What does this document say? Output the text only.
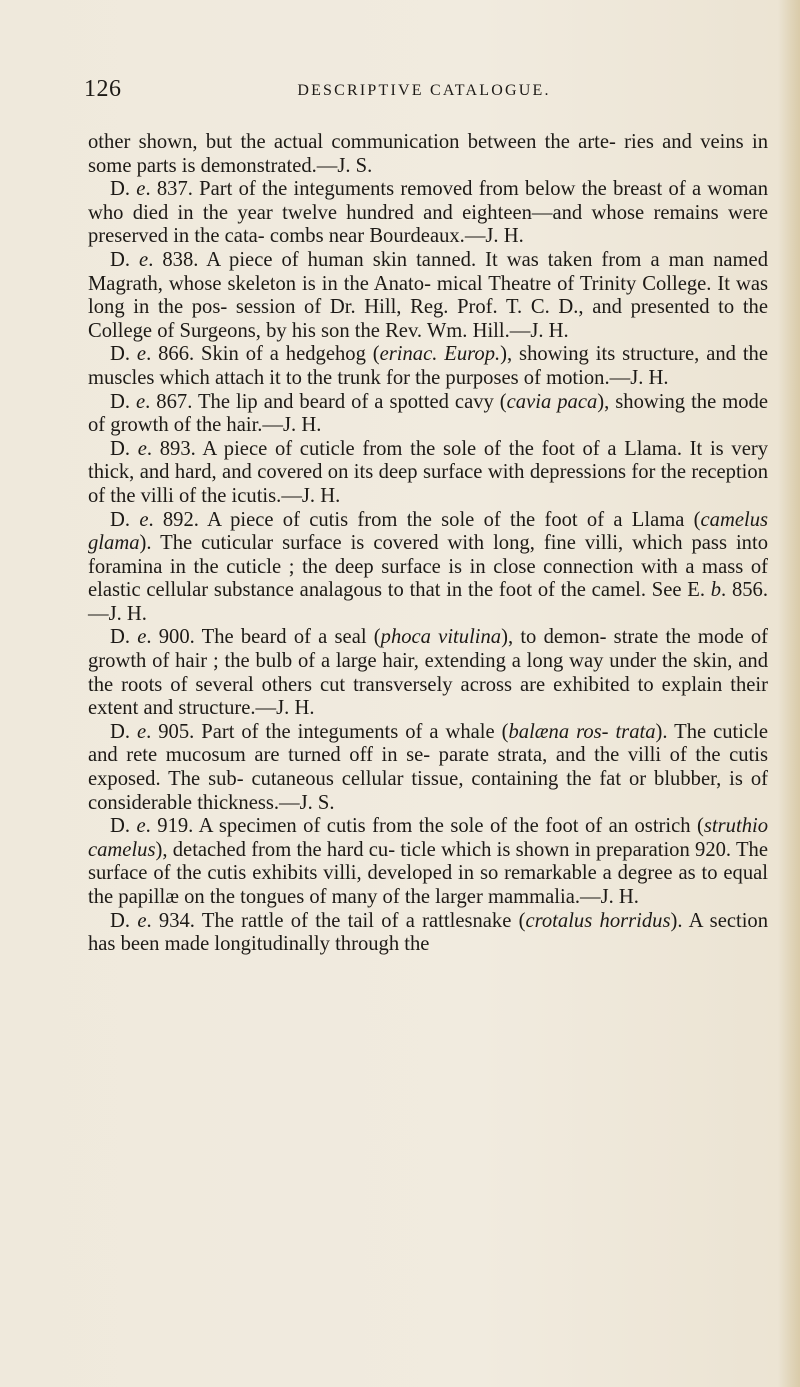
126	DESCRIPTIVE CATALOGUE.

other shown, but the actual communication between the arte- ries and veins in some parts is demonstrated.—J. S.

D. e. 837. Part of the integuments removed from below the breast of a woman who died in the year twelve hundred and eighteen—and whose remains were preserved in the cata- combs near Bourdeaux.—J. H.

D. e. 838. A piece of human skin tanned. It was taken from a man named Magrath, whose skeleton is in the Anato- mical Theatre of Trinity College. It was long in the pos- session of Dr. Hill, Reg. Prof. T. C. D., and presented to the College of Surgeons, by his son the Rev. Wm. Hill.—J. H.

D. e. 866. Skin of a hedgehog (erinac. Europ.), showing its structure, and the muscles which attach it to the trunk for the purposes of motion.—J. H.

D. e. 867. The lip and beard of a spotted cavy (cavia paca), showing the mode of growth of the hair.—J. H.

D. e. 893. A piece of cuticle from the sole of the foot of a Llama. It is very thick, and hard, and covered on its deep surface with depressions for the reception of the villi of the icutis.—J. H.

D. e. 892. A piece of cutis from the sole of the foot of a Llama (camelus glama). The cuticular surface is covered with long, fine villi, which pass into foramina in the cuticle ; the deep surface is in close connection with a mass of elastic cellular substance analagous to that in the foot of the camel. See E. b. 856.—J. H.

D. e. 900. The beard of a seal (phoca vitulina), to demon- strate the mode of growth of hair ; the bulb of a large hair, extending a long way under the skin, and the roots of several others cut transversely across are exhibited to explain their extent and structure.—J. H.

D. e. 905. Part of the integuments of a whale (balæna ros- trata). The cuticle and rete mucosum are turned off in se- parate strata, and the villi of the cutis exposed. The sub- cutaneous cellular tissue, containing the fat or blubber, is of considerable thickness.—J. S.

D. e. 919. A specimen of cutis from the sole of the foot of an ostrich (struthio camelus), detached from the hard cu- ticle which is shown in preparation 920. The surface of the cutis exhibits villi, developed in so remarkable a degree as to equal the papillæ on the tongues of many of the larger mammalia.—J. H.

D. e. 934. The rattle of the tail of a rattlesnake (crotalus horridus). A section has been made longitudinally through the
